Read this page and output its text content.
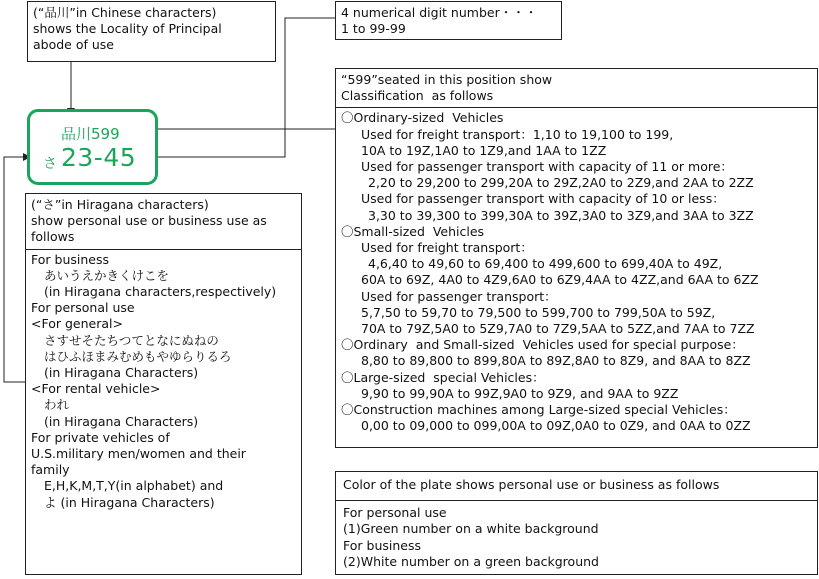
(“品川”in Chinese characters)
shows the Locality of Principal
abode of use
4 numerical digit number・・・
1 to 99-99
品川599
さ 23-45
“599”seated in this position show
Classification  as follows
〇Ordinary-sized  Vehicles
Used for freight transport：1,10 to 19,100 to 199,
10A to 19Z,1A0 to 1Z9,and 1AA to 1ZZ
Used for passenger transport with capacity of 11 or more：
2,20 to 29,200 to 299,20A to 29Z,2A0 to 2Z9,and 2AA to 2ZZ
Used for passenger transport with capacity of 10 or less：
3,30 to 39,300 to 399,30A to 39Z,3A0 to 3Z9,and 3AA to 3ZZ
〇Small-sized  Vehicles
Used for freight transport：
4,6,40 to 49,60 to 69,400 to 499,600 to 699,40A to 49Z,
60A to 69Z, 4A0 to 4Z9,6A0 to 6Z9,4AA to 4ZZ,and 6AA to 6ZZ
Used for passenger transport：
5,7,50 to 59,70 to 79,500 to 599,700 to 799,50A to 59Z,
70A to 79Z,5A0 to 5Z9,7A0 to 7Z9,5AA to 5ZZ,and 7AA to 7ZZ
〇Ordinary  and Small-sized  Vehicles used for special purpose：
8,80 to 89,800 to 899,80A to 89Z,8A0 to 8Z9, and 8AA to 8ZZ
〇Large-sized  special Vehicles：
9,90 to 99,90A to 99Z,9A0 to 9Z9, and 9AA to 9ZZ
〇Construction machines among Large-sized special Vehicles：
0,00 to 09,000 to 099,00A to 09Z,0A0 to 0Z9, and 0AA to 0ZZ
(“さ”in Hiragana characters)
show personal use or business use as
follows
For business
あいうえかきくけこを
(in Hiragana characters,respectively)
For personal use
<For general>
さすせそたちつてとなにぬねの
はひふほまみむめもやゆらりるろ
(in Hiragana Characters)
<For rental vehicle>
われ
(in Hiragana Characters)
For private vehicles of
U.S.military men/women and their
family
E,H,K,M,T,Y(in alphabet) and
よ (in Hiragana Characters)
Color of the plate shows personal use or business as follows
For personal use
(1)Green number on a white background
For business
(2)White number on a green background
